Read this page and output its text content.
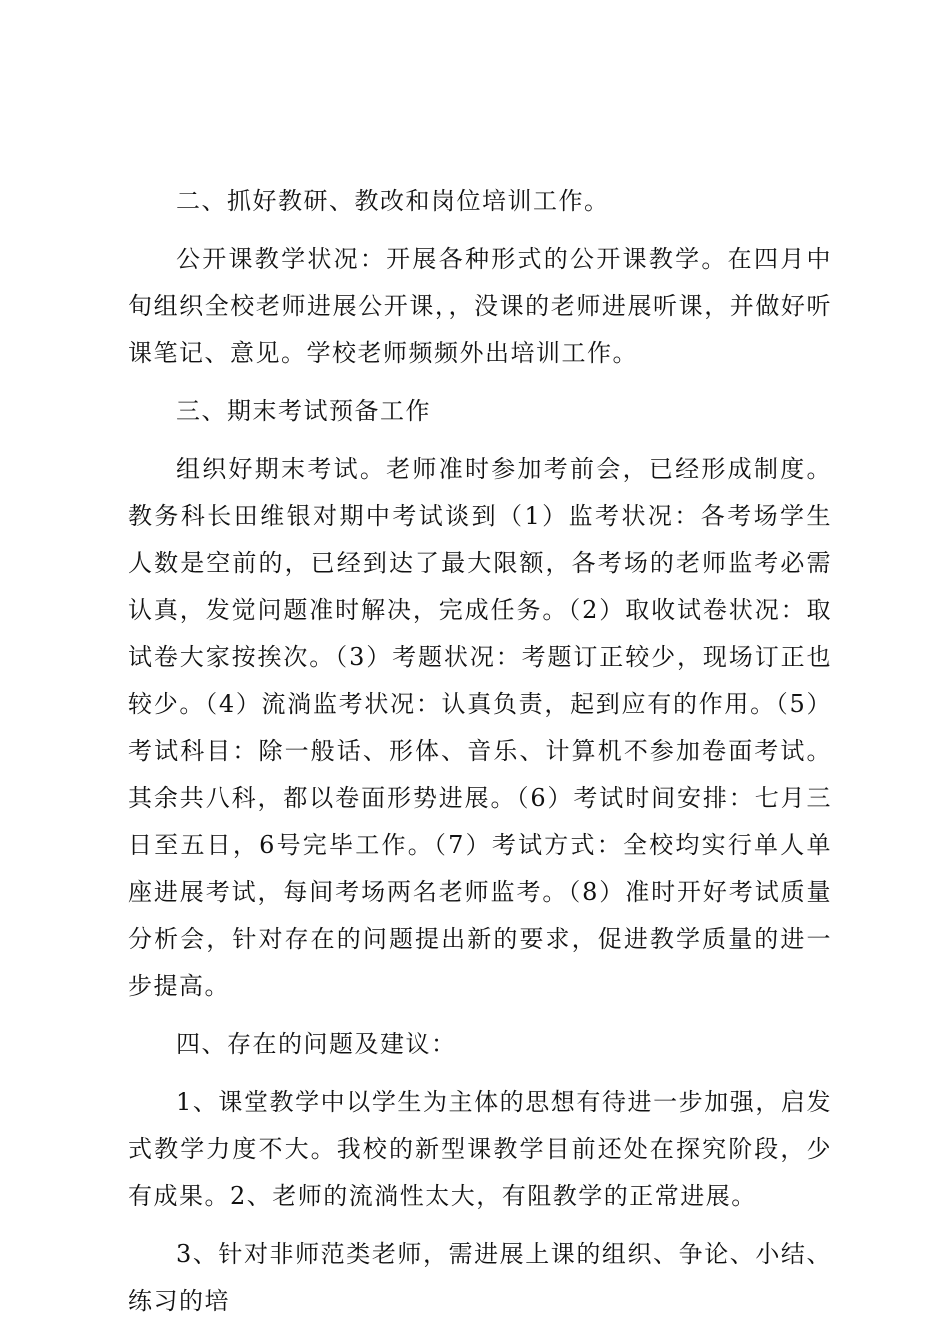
二、抓好教研、教改和岗位培训工作。

公开课教学状况：开展各种形式的公开课教学。在四月中旬组织全校老师进展公开课，，没课的老师进展听课，并做好听课笔记、意见。学校老师频频外出培训工作。

三、期末考试预备工作

组织好期末考试。老师准时参加考前会，已经形成制度。教务科长田维银对期中考试谈到（1）监考状况：各考场学生人数是空前的，已经到达了最大限额，各考场的老师监考必需认真，发觉问题准时解决，完成任务。（2）取收试卷状况：取试卷大家按挨次。（3）考题状况：考题订正较少，现场订正也较少。（4）流淌监考状况：认真负责，起到应有的作用。（5）考试科目：除一般话、形体、音乐、计算机不参加卷面考试。其余共八科，都以卷面形势进展。（6）考试时间安排：七月三日至五日，6号完毕工作。（7）考试方式：全校均实行单人单座进展考试，每间考场两名老师监考。（8）准时开好考试质量分析会，针对存在的问题提出新的要求，促进教学质量的进一步提高。

四、存在的问题及建议：

1、课堂教学中以学生为主体的思想有待进一步加强，启发式教学力度不大。我校的新型课教学目前还处在探究阶段，少有成果。2、老师的流淌性太大，有阻教学的正常进展。

3、针对非师范类老师，需进展上课的组织、争论、小结、练习的培
